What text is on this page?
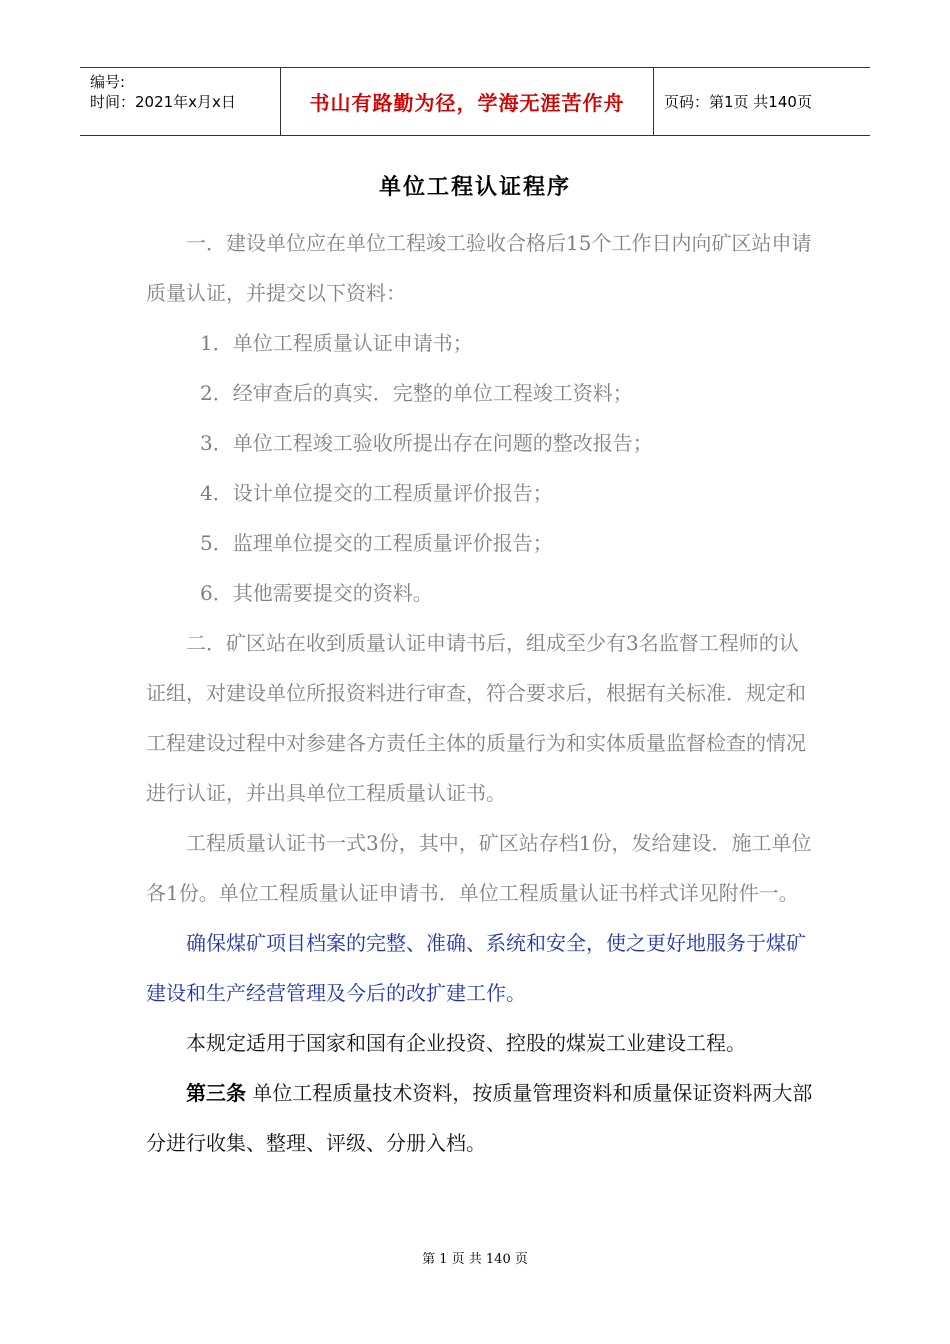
编号:
时间：2021年x月x日	书山有路勤为径，学海无涯苦作舟	页码：第1页 共140页
单位工程认证程序

一．建设单位应在单位工程竣工验收合格后15个工作日内向矿区站申请质量认证，并提交以下资料：

1．单位工程质量认证申请书；

2．经审查后的真实．完整的单位工程竣工资料；

3．单位工程竣工验收所提出存在问题的整改报告；

4．设计单位提交的工程质量评价报告；

5．监理单位提交的工程质量评价报告；

6．其他需要提交的资料。

二．矿区站在收到质量认证申请书后，组成至少有3名监督工程师的认证组，对建设单位所报资料进行审查，符合要求后，根据有关标准．规定和工程建设过程中对参建各方责任主体的质量行为和实体质量监督检查的情况进行认证，并出具单位工程质量认证书。

工程质量认证书一式3份，其中，矿区站存档1份，发给建设．施工单位各1份。单位工程质量认证申请书．单位工程质量认证书样式详见附件一。

确保煤矿项目档案的完整、准确、系统和安全，使之更好地服务于煤矿建设和生产经营管理及今后的改扩建工作。

本规定适用于国家和国有企业投资、控股的煤炭工业建设工程。

第三条 单位工程质量技术资料，按质量管理资料和质量保证资料两大部分进行收集、整理、评级、分册入档。

第 1 页 共 140 页
